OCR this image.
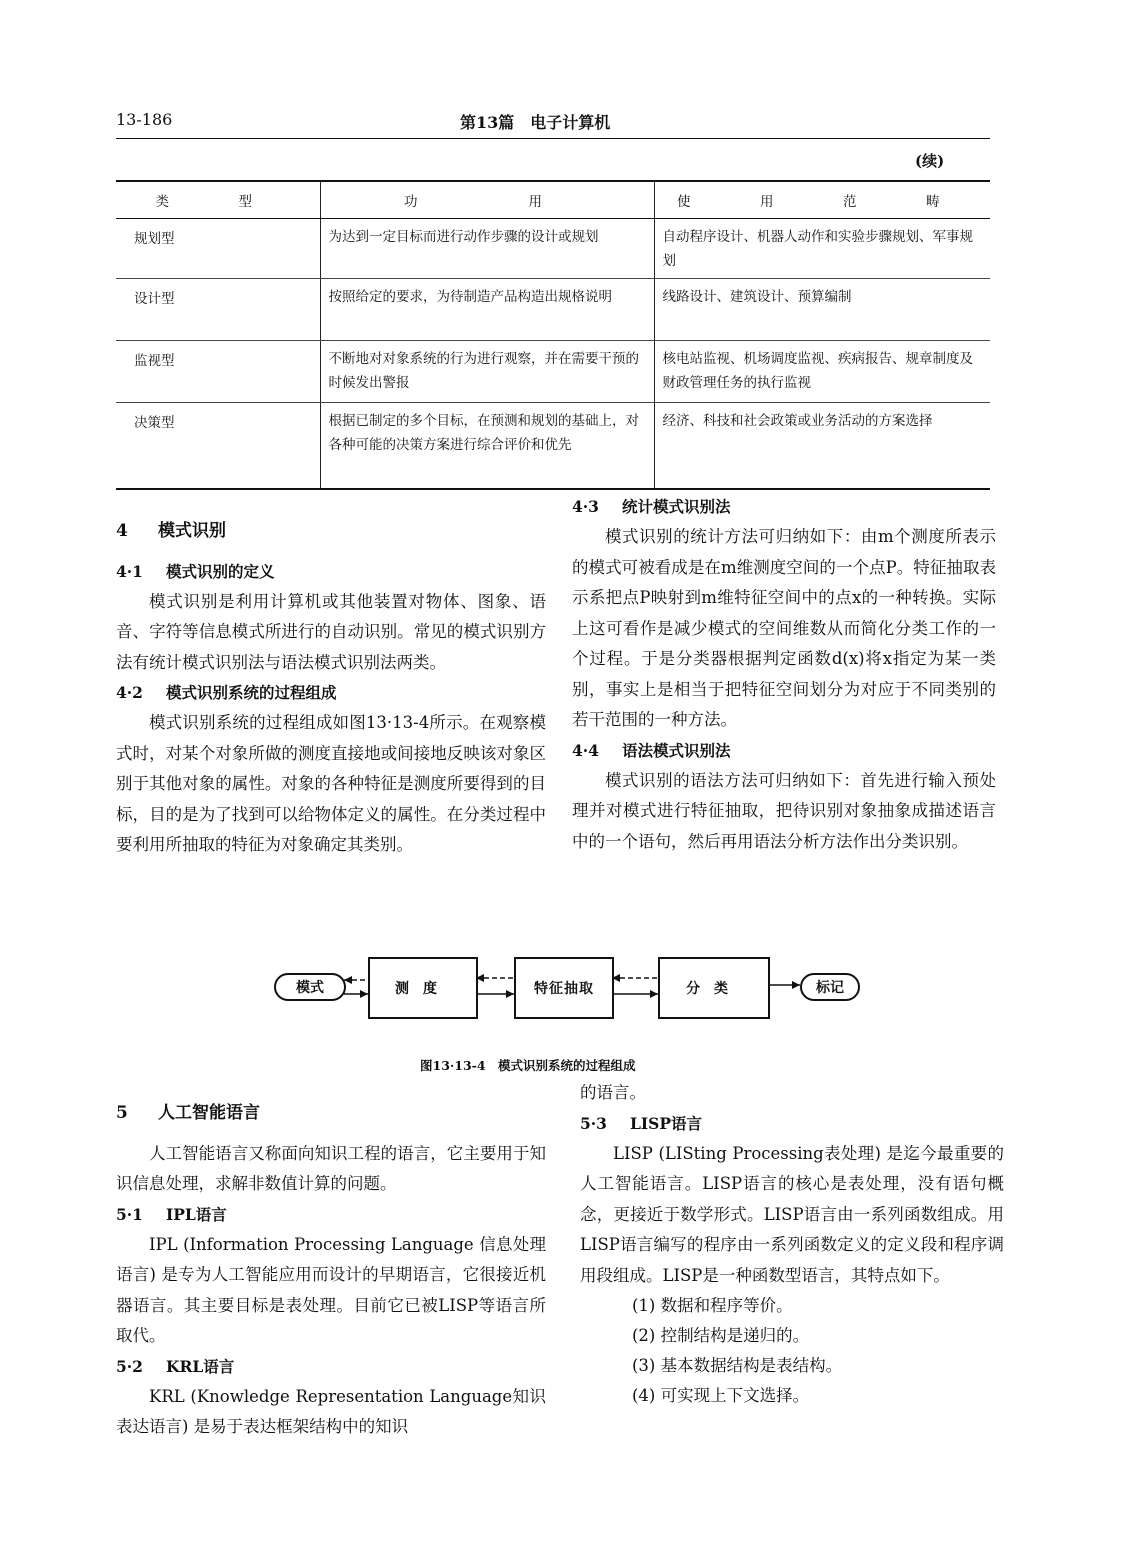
13-186	第13篇　电子计算机
(续)
类　型	功　　用	使　用　范　畴
规划型	为达到一定目标而进行动作步骤的设计或规划	自动程序设计、机器人动作和实验步骤规划、军事规划
设计型	按照给定的要求，为待制造产品构造出规格说明	线路设计、建筑设计、预算编制
监视型	不断地对对象系统的行为进行观察，并在需要干预的时候发出警报	核电站监视、机场调度监视、疾病报告、规章制度及财政管理任务的执行监视
决策型	根据已制定的多个目标，在预测和规划的基础上，对各种可能的决策方案进行综合评价和优先	经济、科技和社会政策或业务活动的方案选择
4 模式识别
4·1 模式识别的定义

模式识别是利用计算机或其他装置对物体、图象、语音、字符等信息模式所进行的自动识别。常见的模式识别方法有统计模式识别法与语法模式识别法两类。

4·2 模式识别系统的过程组成

模式识别系统的过程组成如图13·13-4所示。在观察模式时，对某个对象所做的测度直接地或间接地反映该对象区别于其他对象的属性。对象的各种特征是测度所要得到的目标，目的是为了找到可以给物体定义的属性。在分类过程中要利用所抽取的特征为对象确定其类别。

4·3 统计模式识别法

模式识别的统计方法可归纳如下：由m个测度所表示的模式可被看成是在m维测度空间的一个点P。特征抽取表示系把点P映射到m维特征空间中的点x的一种转换。实际上这可看作是减少模式的空间维数从而简化分类工作的一个过程。于是分类器根据判定函数d(x)将x指定为某一类别，事实上是相当于把特征空间划分为对应于不同类别的若干范围的一种方法。

4·4 语法模式识别法

模式识别的语法方法可归纳如下：首先进行输入预处理并对模式进行特征抽取，把待识别对象抽象成描述语言中的一个语句，然后再用语法分析方法作出分类识别。

模式	测度	特征抽取	分类	标记
图13·13-4　模式识别系统的过程组成
5 人工智能语言

人工智能语言又称面向知识工程的语言，它主要用于知识信息处理，求解非数值计算的问题。

5·1 IPL语言

IPL (Information Processing Language 信息处理语言) 是专为人工智能应用而设计的早期语言，它很接近机器语言。其主要目标是表处理。目前它已被LISP等语言所取代。

5·2 KRL语言

KRL (Knowledge Representation Language知识表达语言) 是易于表达框架结构中的知识

的语言。

5·3 LISP语言

LISP (LISting Processing表处理) 是迄今最重要的人工智能语言。LISP语言的核心是表处理，没有语句概念，更接近于数学形式。LISP语言由一系列函数组成。用LISP语言编写的程序由一系列函数定义的定义段和程序调用段组成。LISP是一种函数型语言，其特点如下。

(1) 数据和程序等价。
(2) 控制结构是递归的。
(3) 基本数据结构是表结构。
(4) 可实现上下文选择。
